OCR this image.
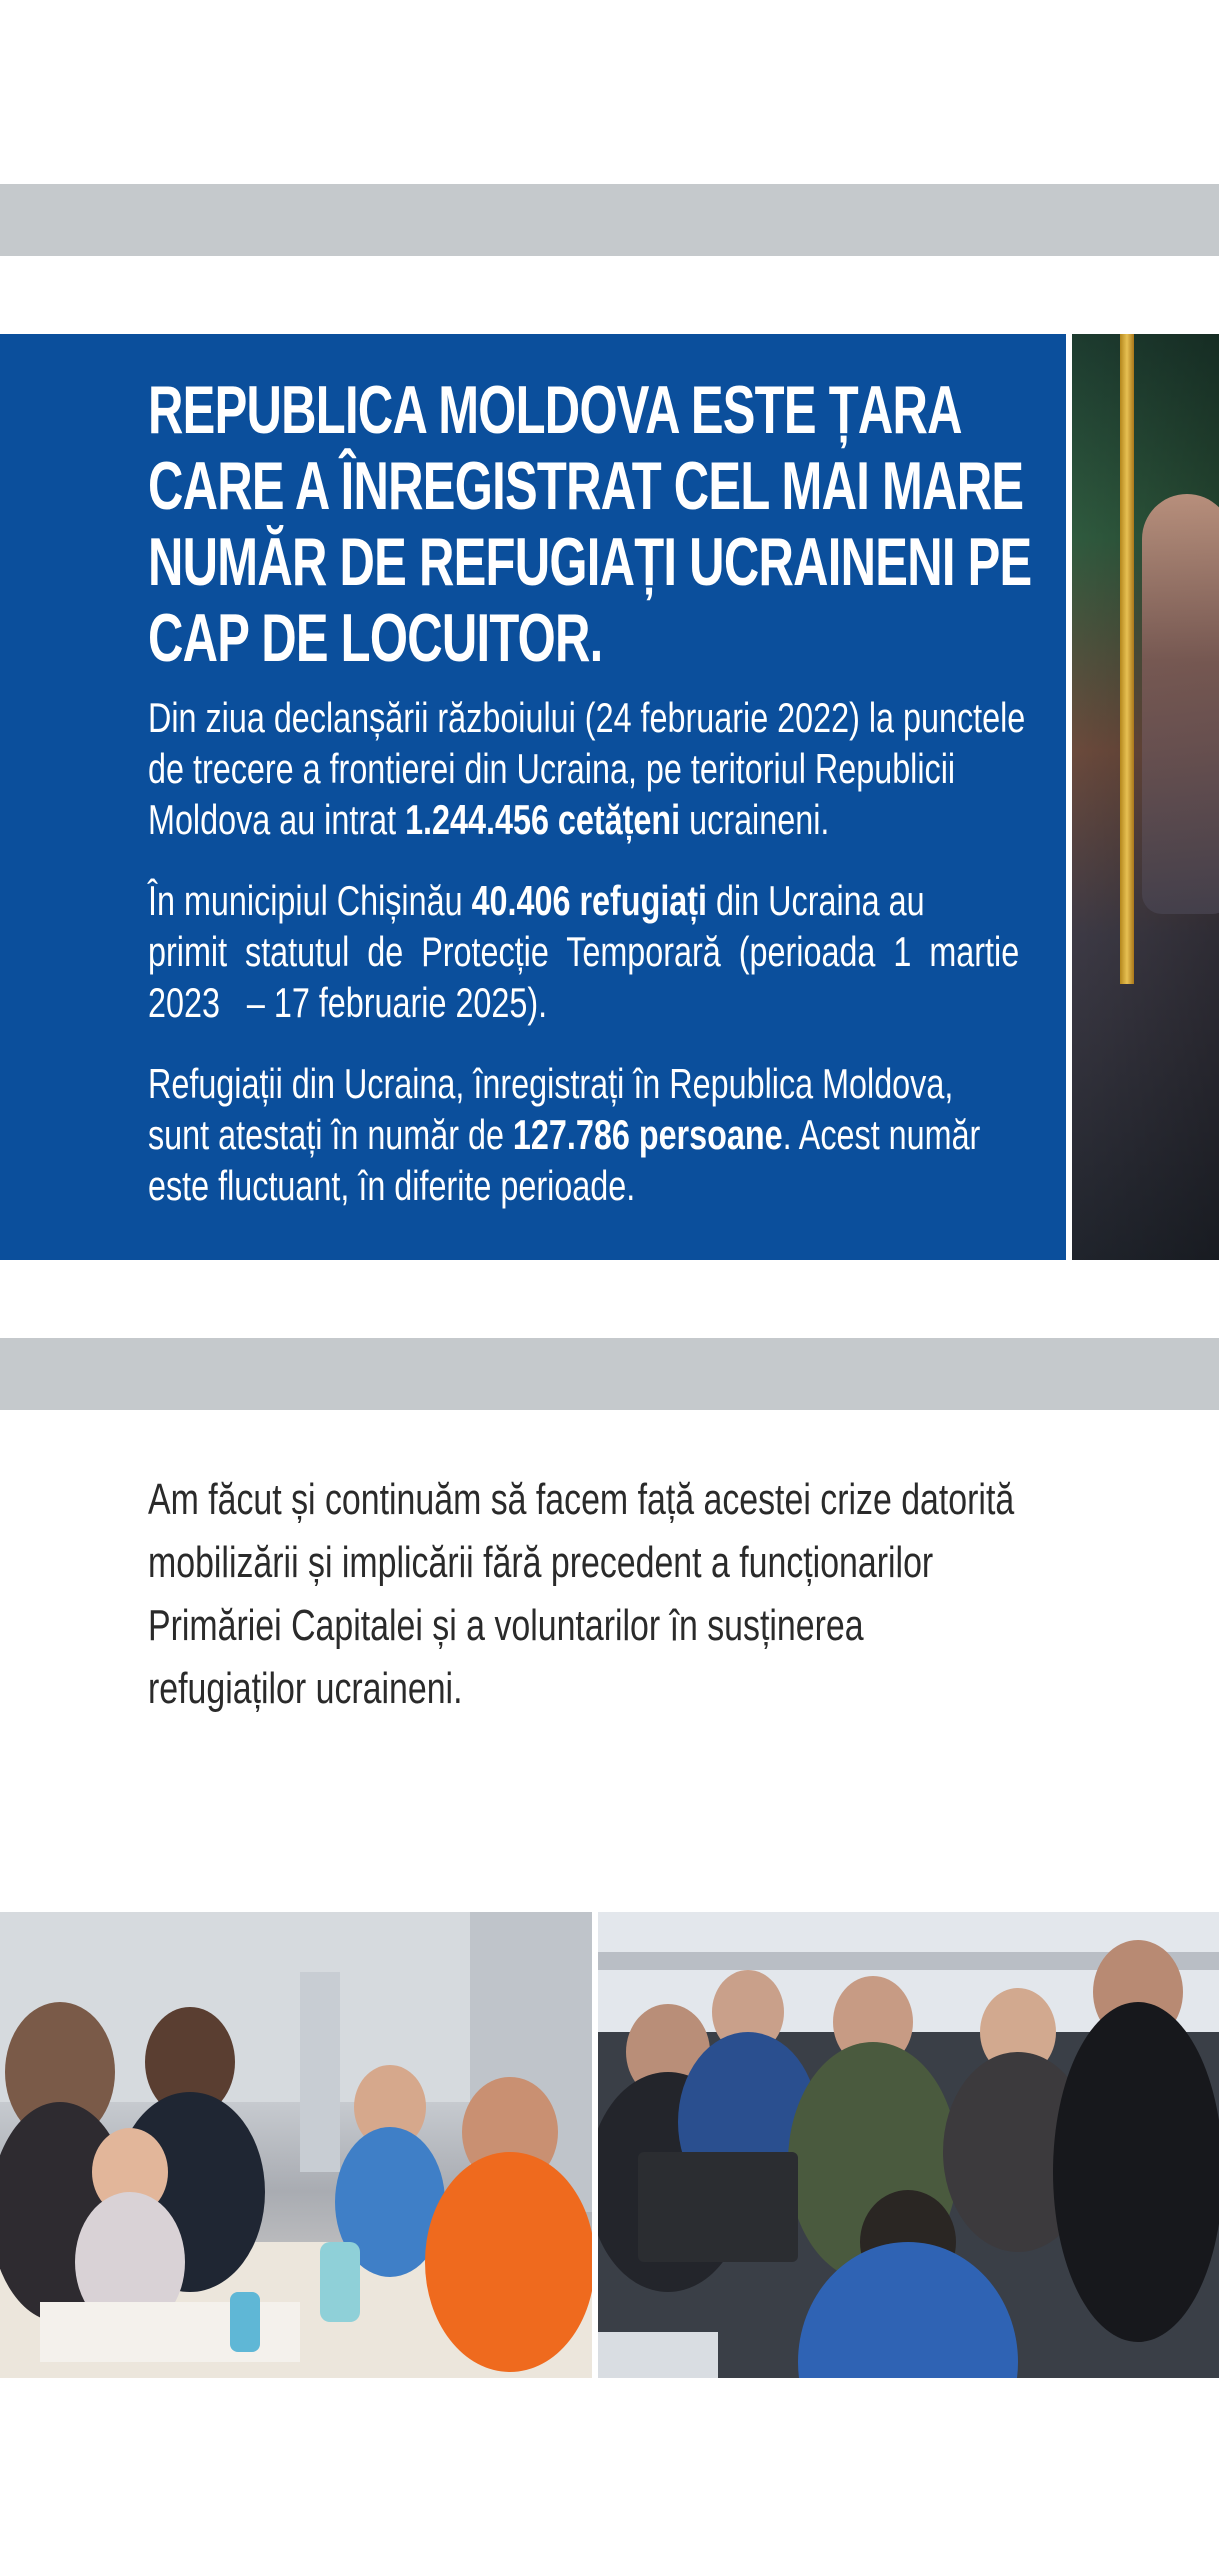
REPUBLICA MOLDOVA ESTE ȚARA
CARE A ÎNREGISTRAT CEL MAI MARE
NUMĂR DE REFUGIAȚI UCRAINENI PE
CAP DE LOCUITOR.

Din ziua declanșării războiului (24 februarie 2022) la punctele
de trecere a frontierei din Ucraina, pe teritoriul Republicii
Moldova au intrat 1.244.456 cetățeni ucraineni.

În municipiul Chișinău 40.406 refugiați din Ucraina au
primit  statutul  de  Protecție  Temporară  (perioada  1  martie
2023   – 17 februarie 2025).

Refugiații din Ucraina, înregistrați în Republica Moldova,
sunt atestați în număr de 127.786 persoane. Acest număr
este fluctuant, în diferite perioade.

Am făcut și continuăm să facem față acestei crize datorită
mobilizării și implicării fără precedent a funcționarilor
Primăriei Capitalei și a voluntarilor în susținerea
refugiaților ucraineni.
